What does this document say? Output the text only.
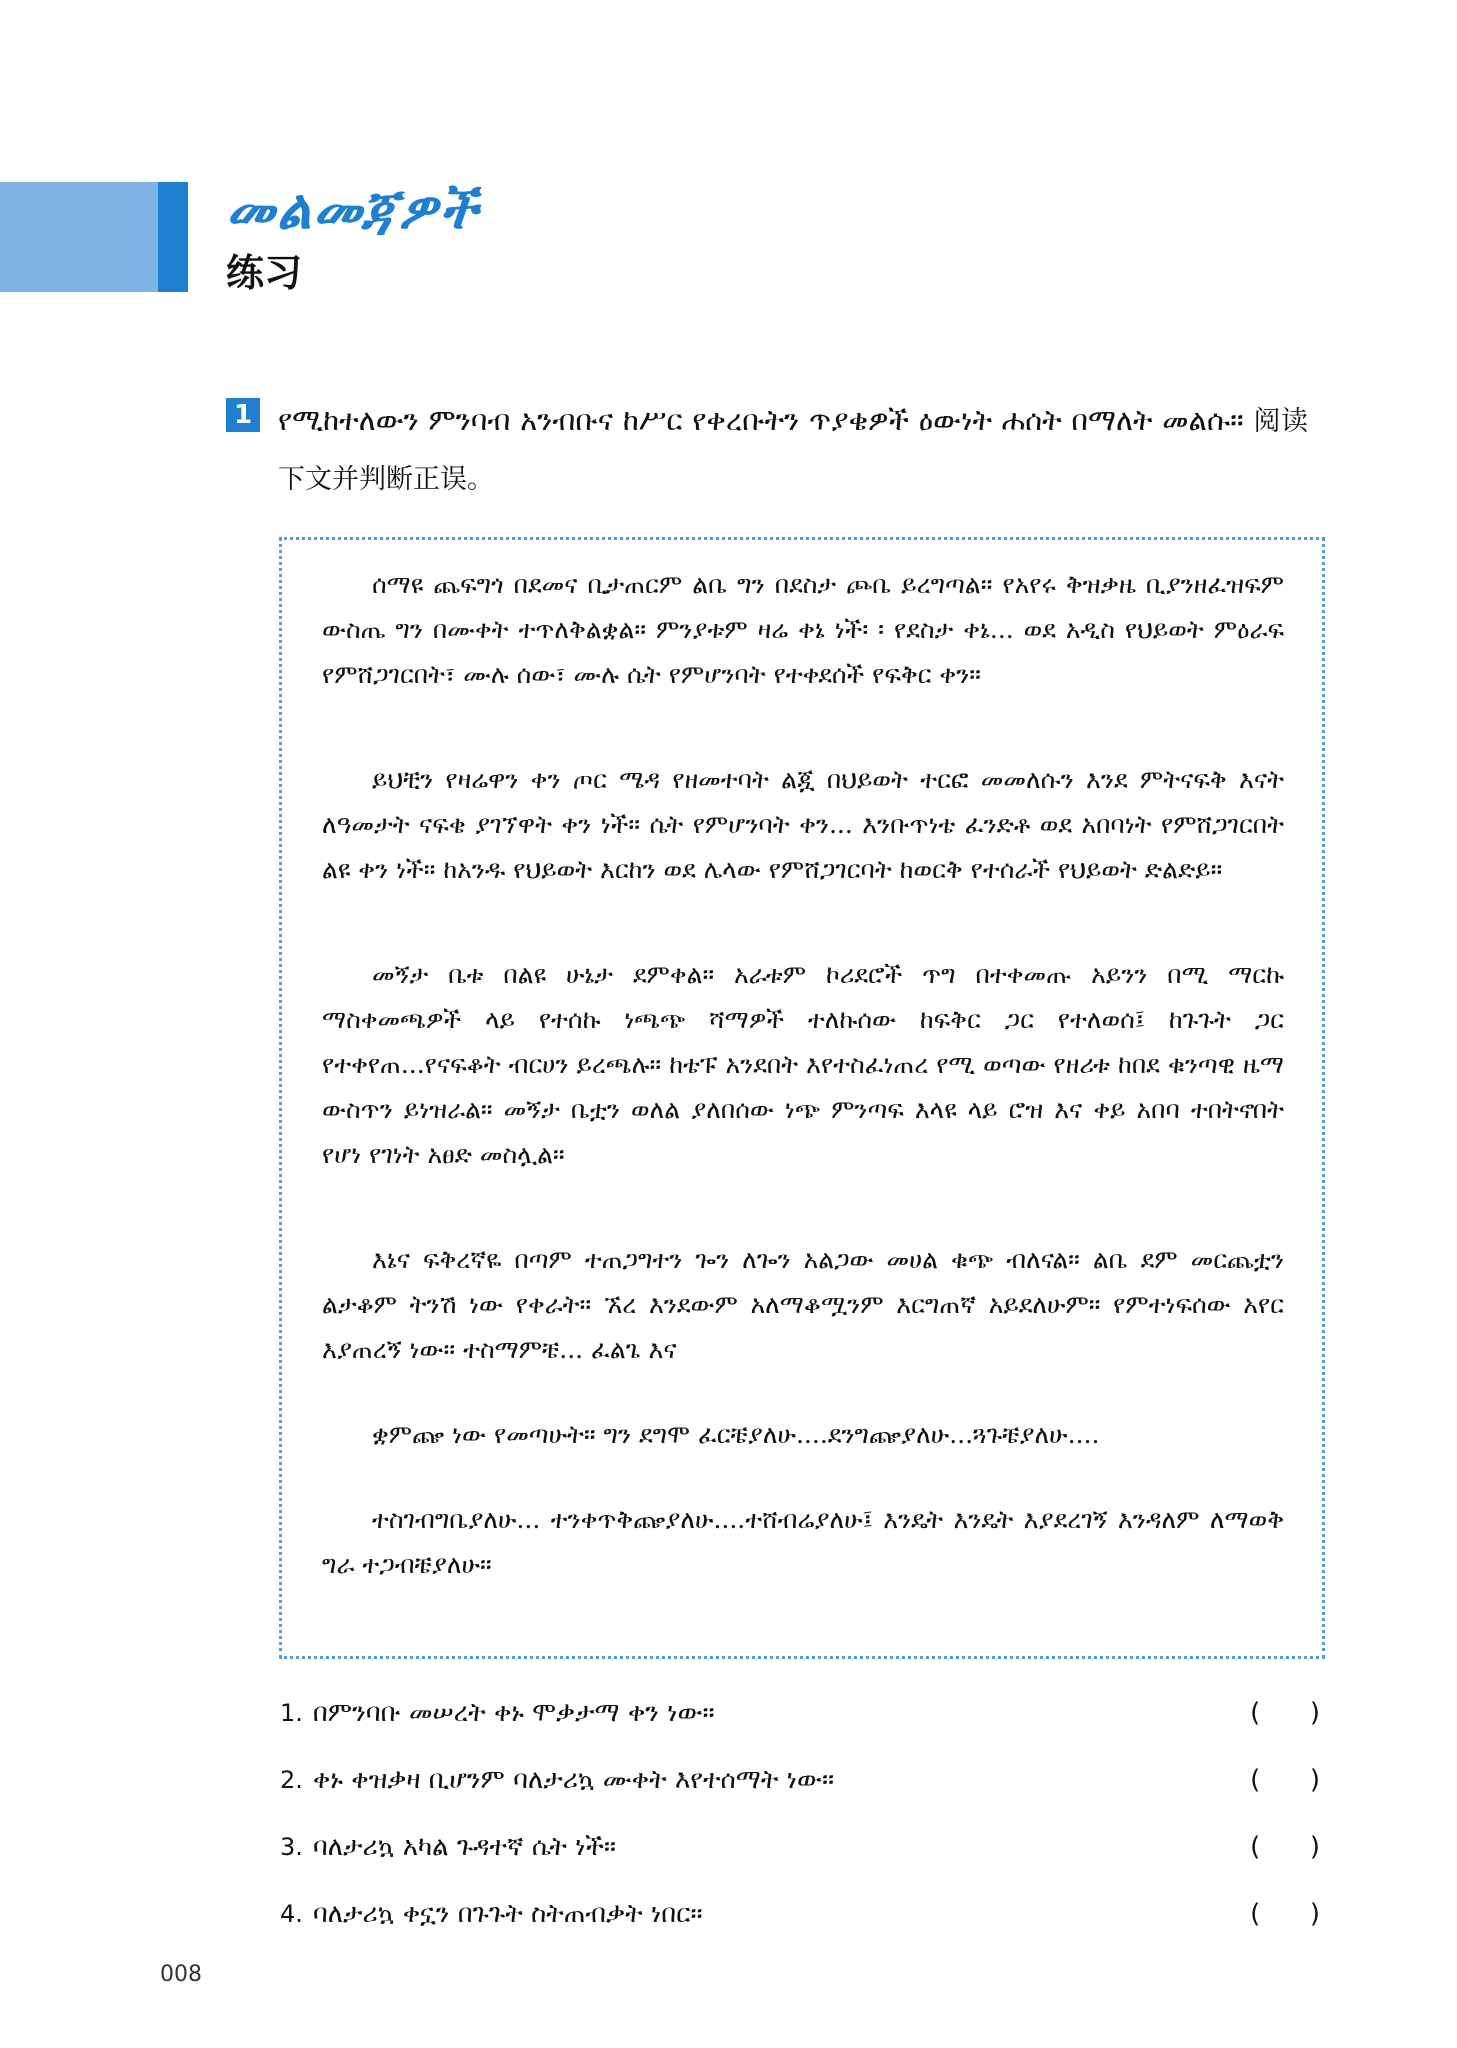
መልመጃዎች
练习
1 የሚከተለውን ምንባብ አንብቡና ከሥር የቀረቡትን ጥያቄዎች ዕውነት ሐሰት በማለት መልሱ። 阅读下文并判断正误。

ሰማዩ ጨፍግጎ በደመና ቢታጠርም ልቤ ግን በደስታ ጮቤ ይረግጣል። የአየሩ ቅዝቃዜ ቢያንዘፈዝፍም ውስጤ ግን በሙቀት ተጥለቅልቋል። ምንያቱም ዛሬ ቀኔ ነች፡ ፡ የደስታ ቀኔ... ወደ አዲስ የህይወት ምዕራፍ የምሸጋገርበት፣ ሙሉ ሰው፣ ሙሉ ሴት የምሆንባት የተቀደሰች የፍቅር ቀን።

ይህቺን የዛሬዋን ቀን ጦር ሜዳ የዘመተባት ልጇ በህይወት ተርፎ መመለሱን እንደ ምትናፍቅ እናት ለዓመታት ናፍቄ ያገኘዋት ቀን ነች። ሴት የምሆንባት ቀን... እንቡጥነቴ ፈንድቶ ወደ አበባነት የምሸጋገርበት ልዩ ቀን ነች። ከአንዱ የህይወት እርከን ወደ ሌላው የምሸጋገርባት ከወርቅ የተሰራች የህይወት ድልድይ።

መኝታ ቤቱ በልዩ ሁኔታ ደምቀል። አራቱም ኮሪደሮች ጥግ በተቀመጡ አይንን በሚ ማርኩ ማስቀመጫዎች ላይ የተሰኩ ነጫጭ ሻማዎች ተለኩሰው ከፍቅር ጋር የተለወሰ፤ ከጉጉት ጋር የተቀየጠ...የናፍቆት ብርሀን ይረጫሉ። ከቴፑ አንደበት እየተስፈነጠረ የሚ ወጣው የዘሪቱ ከበደ ቁንጣዊ ዜማ ውስጥን ይነዝራል። መኝታ ቤቷን ወለል ያለበሰው ነጭ ምንጣፍ እላዩ ላይ ሮዝ እና ቀይ አበባ ተበትኖበት የሆነ የገነት አፀድ መስሏል።

እኔና ፍቅረኛዬ በጣም ተጠጋግተን ጐን ለጐን አልጋው መሀል ቁጭ ብለናል። ልቤ ደም መርጨቷን ልታቆም ትንሽ ነው የቀራት። ኧረ እንደውም አለማቆሟንም እርግጠኛ አይደለሁም። የምተነፍሰው አየር እያጠረኝ ነው። ተስማምቼ... ፈልጌ እና

ቋምጬ ነው የመጣሁት። ግን ደግሞ ፈርቼያለሁ....ደንግጬያለሁ...ጓጉቼያለሁ....

ተስገብግቤያለሁ... ተንቀጥቅጬያለሁ....ተሸብሬያለሁ፤ እንዴት እንዴት እያደረገኝ እንዳለም ለማወቅ ግራ ተጋብቼያለሁ።

1. በምንባቡ መሠረት ቀኑ ሞቃታማ ቀን ነው።	(      )
2. ቀኑ ቀዝቃዛ ቢሆንም ባለታሪኳ ሙቀት እየተሰማት ነው።	(      )
3. ባለታሪኳ አካል ጉዳተኛ ሴት ነች።	(      )
4. ባለታሪኳ ቀኗን በጉጉት ስትጠብቃት ነበር።	(      )
008
